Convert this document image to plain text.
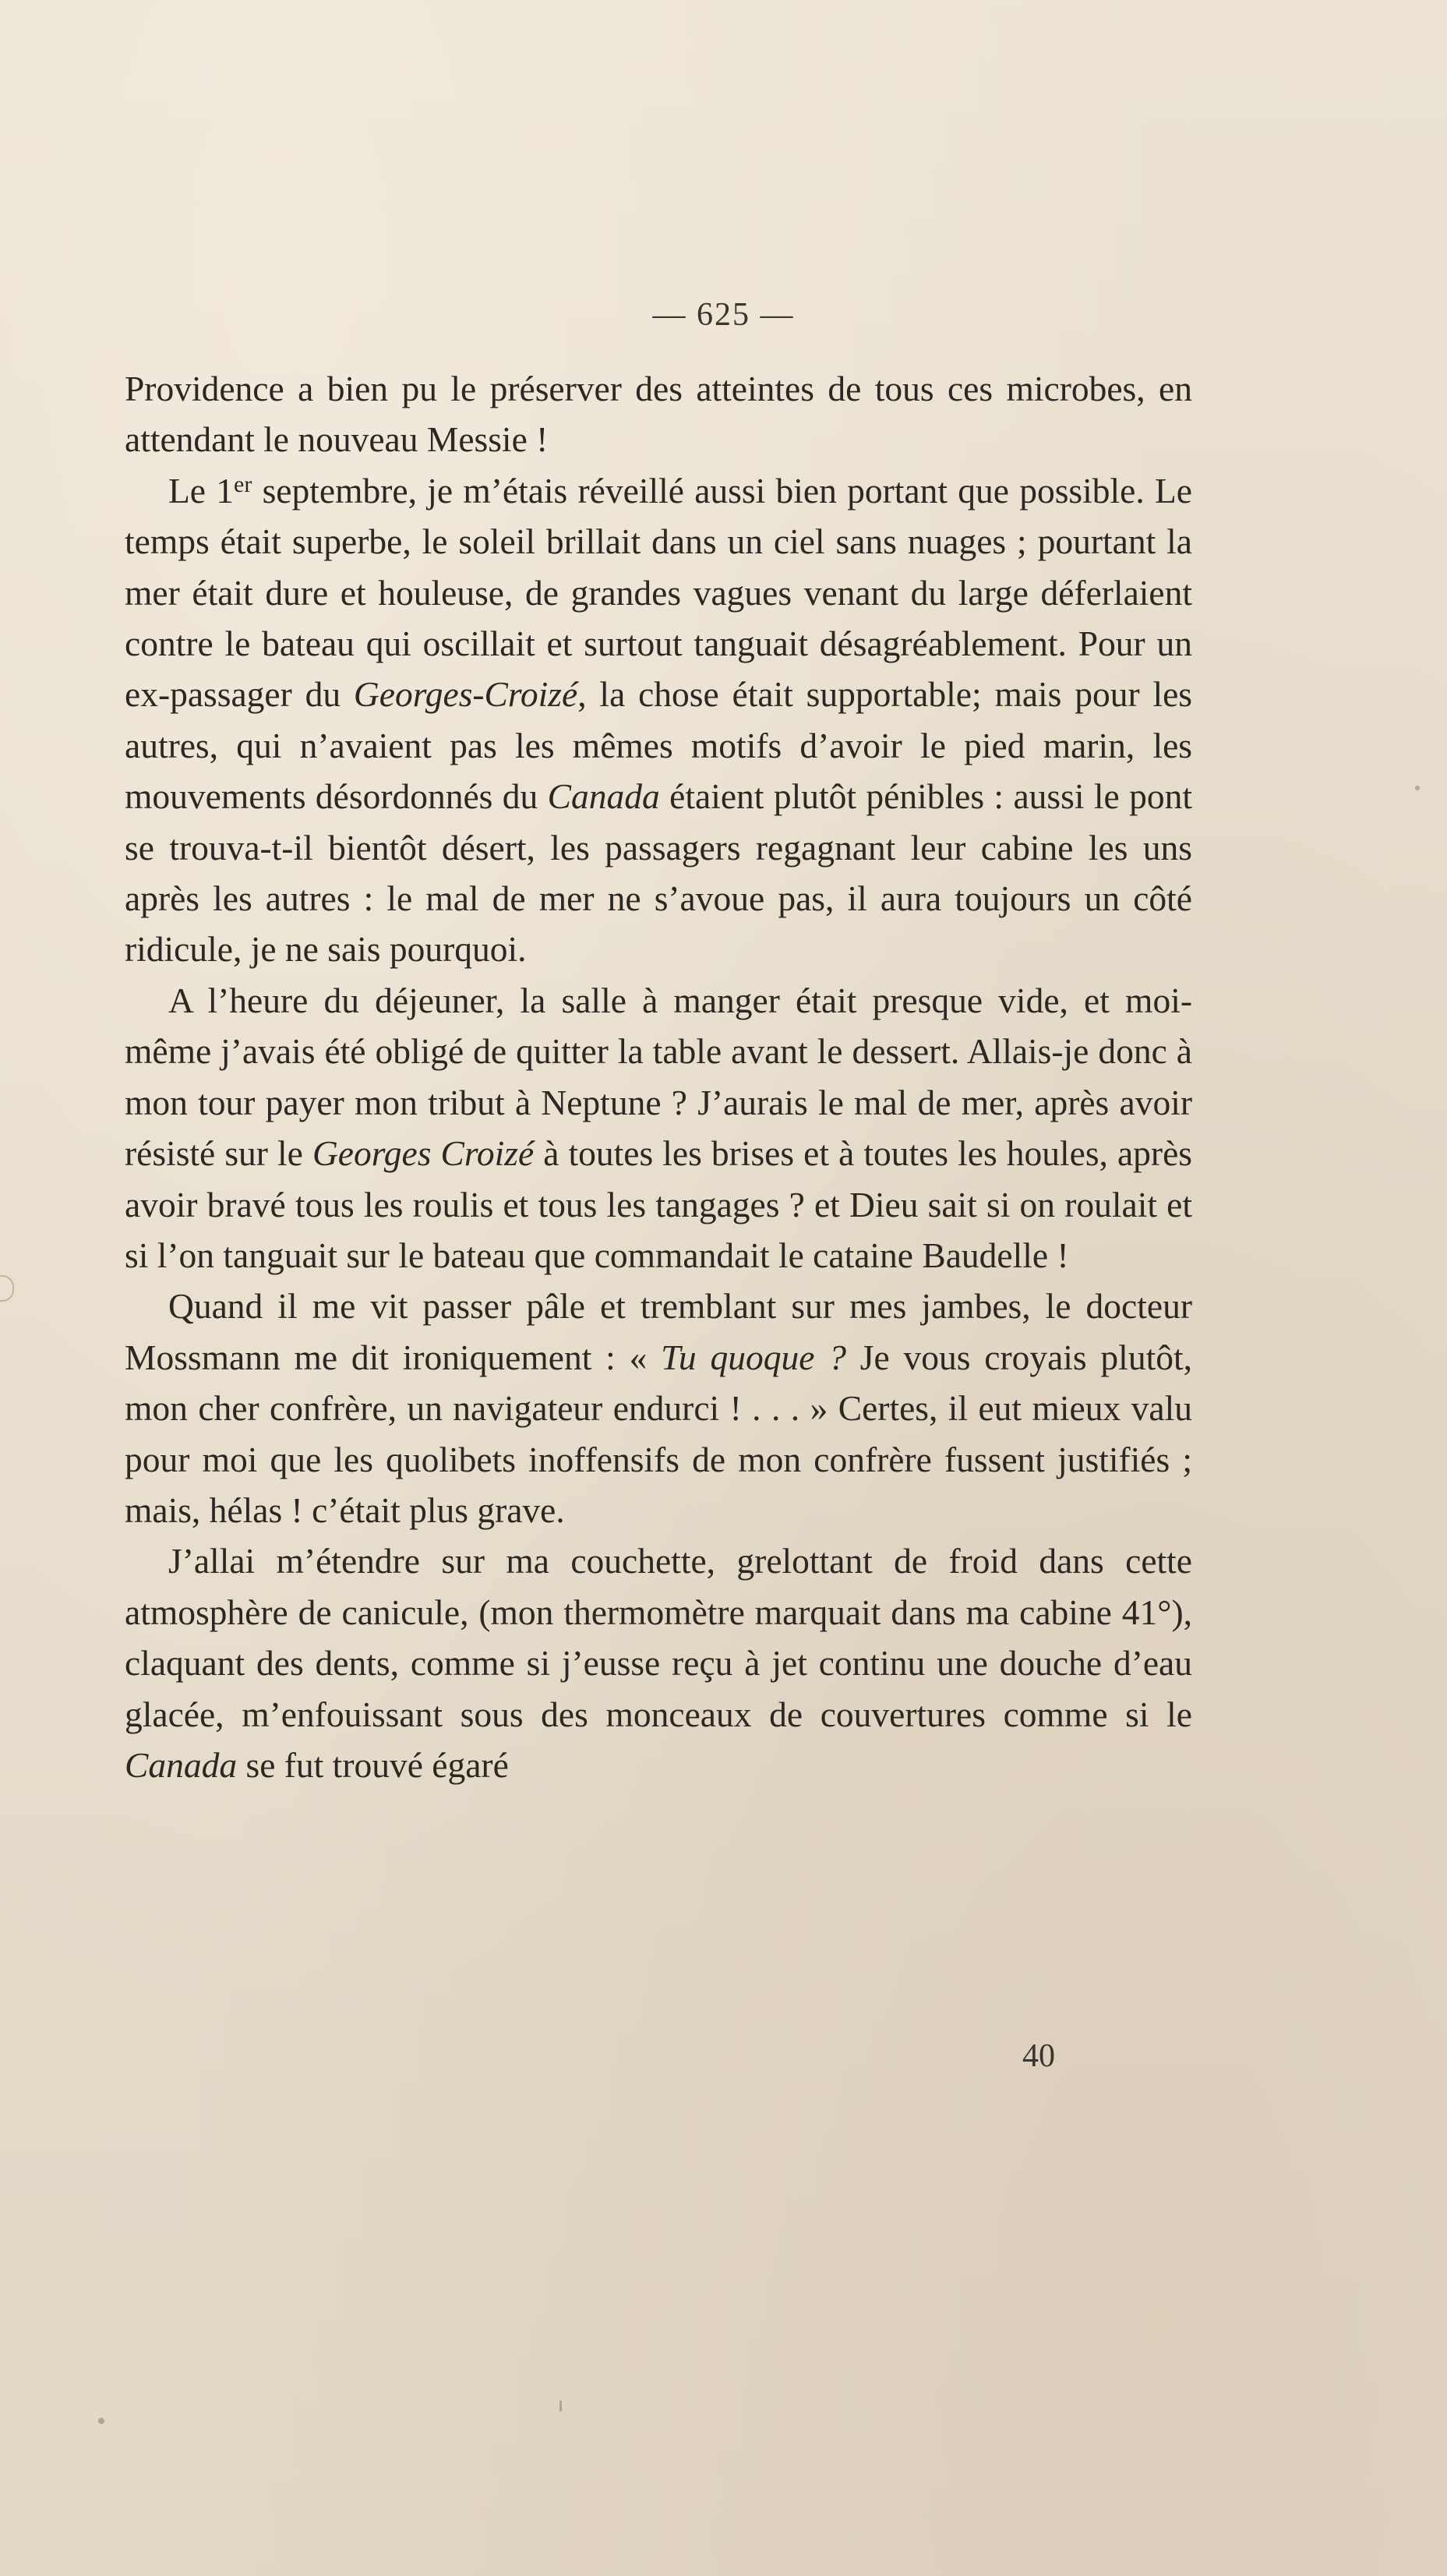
— 625 —

Providence a bien pu le préserver des atteintes de tous ces microbes, en attendant le nouveau Messie !

Le 1er septembre, je m’étais réveillé aussi bien portant que possible. Le temps était superbe, le soleil brillait dans un ciel sans nuages ; pourtant la mer était dure et houleuse, de grandes vagues venant du large déferlaient contre le bateau qui oscillait et surtout tanguait désagréablement. Pour un ex-passager du Georges-Croizé, la chose était supportable; mais pour les autres, qui n’avaient pas les mêmes motifs d’avoir le pied marin, les mouvements désordonnés du Canada étaient plutôt pénibles : aussi le pont se trouva-t-il bientôt désert, les passagers regagnant leur cabine les uns après les autres : le mal de mer ne s’avoue pas, il aura toujours un côté ridicule, je ne sais pourquoi.

A l’heure du déjeuner, la salle à manger était presque vide, et moi-même j’avais été obligé de quitter la table avant le dessert. Allais-je donc à mon tour payer mon tribut à Neptune ? J’aurais le mal de mer, après avoir résisté sur le Georges Croizé à toutes les brises et à toutes les houles, après avoir bravé tous les roulis et tous les tangages ? et Dieu sait si on roulait et si l’on tanguait sur le bateau que commandait le cataine Baudelle !

Quand il me vit passer pâle et tremblant sur mes jambes, le docteur Mossmann me dit ironiquement : « Tu quoque ? Je vous croyais plutôt, mon cher confrère, un navigateur endurci ! . . . » Certes, il eut mieux valu pour moi que les quolibets inoffensifs de mon confrère fussent justifiés ; mais, hélas ! c’était plus grave.

J’allai m’étendre sur ma couchette, grelottant de froid dans cette atmosphère de canicule, (mon thermomètre marquait dans ma cabine 41°), claquant des dents, comme si j’eusse reçu à jet continu une douche d’eau glacée, m’enfouissant sous des monceaux de couvertures comme si le Canada se fut trouvé égaré

40
